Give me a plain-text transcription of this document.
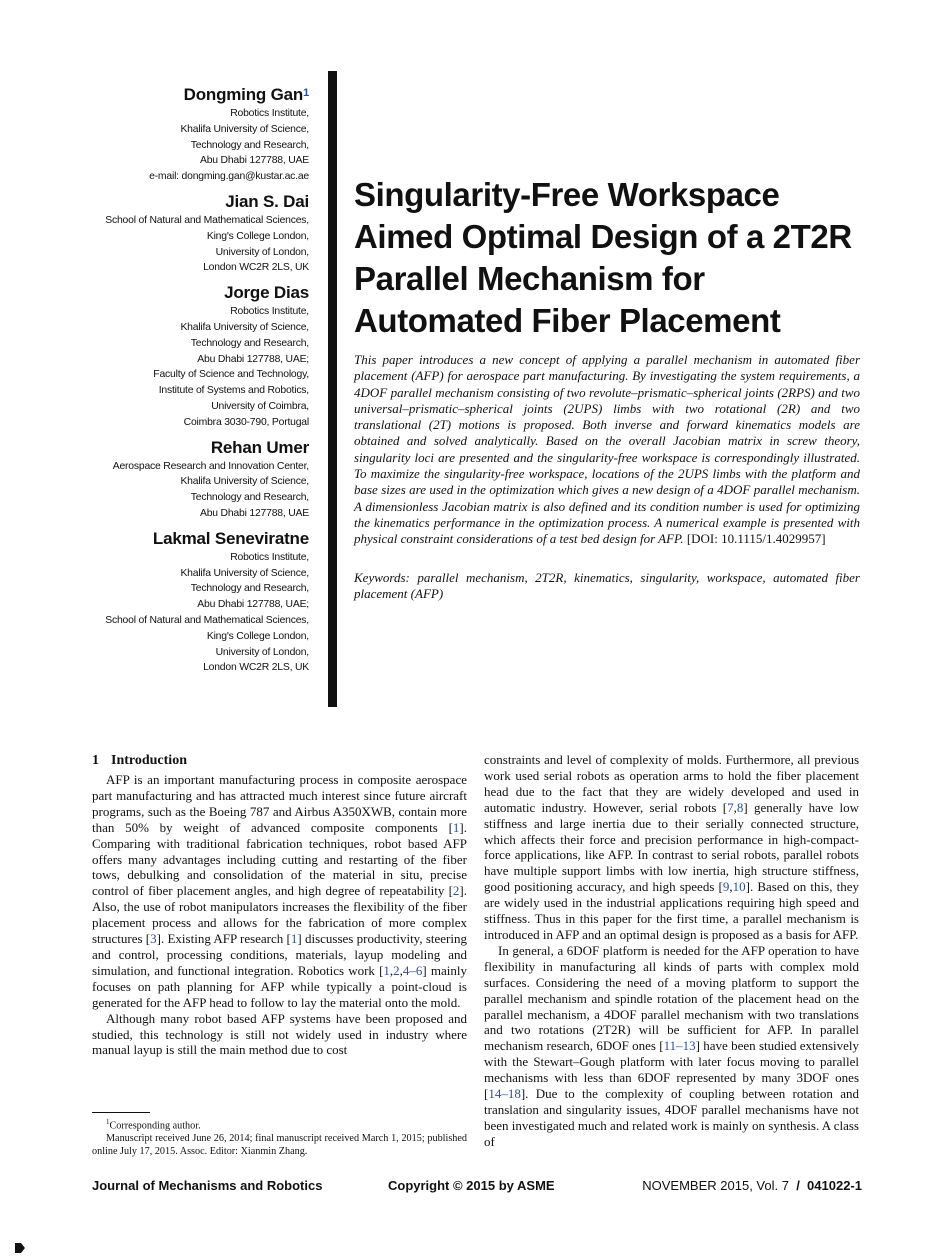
Dongming Gan$^1$
Robotics Institute,
Khalifa University of Science,
Technology and Research,
Abu Dhabi 127788, UAE
e-mail: dongming.gan@kustar.ac.ae
Jian S. Dai
School of Natural and Mathematical Sciences,
King's College London,
University of London,
London WC2R 2LS, UK
Jorge Dias
Robotics Institute,
Khalifa University of Science,
Technology and Research,
Abu Dhabi 127788, UAE;
Faculty of Science and Technology,
Institute of Systems and Robotics,
University of Coimbra,
Coimbra 3030-790, Portugal
Rehan Umer
Aerospace Research and Innovation Center,
Khalifa University of Science,
Technology and Research,
Abu Dhabi 127788, UAE
Lakmal Seneviratne
Robotics Institute,
Khalifa University of Science,
Technology and Research,
Abu Dhabi 127788, UAE;
School of Natural and Mathematical Sciences,
King's College London,
University of London,
London WC2R 2LS, UK
Singularity-Free Workspace
Aimed Optimal Design of a 2T2R
Parallel Mechanism for
Automated Fiber Placement
This paper introduces a new concept of applying a parallel mechanism in automated fiber placement (AFP) for aerospace part manufacturing. By investigating the system requirements, a 4DOF parallel mechanism consisting of two revolute–prismatic–spherical joints (2RPS) and two universal–prismatic–spherical joints (2UPS) limbs with two rotational (2R) and two translational (2T) motions is proposed. Both inverse and forward kinematics models are obtained and solved analytically. Based on the overall Jacobian matrix in screw theory, singularity loci are presented and the singularity-free workspace is correspondingly illustrated. To maximize the singularity-free workspace, locations of the 2UPS limbs with the platform and base sizes are used in the optimization which gives a new design of a 4DOF parallel mechanism. A dimensionless Jacobian matrix is also defined and its condition number is used for optimizing the kinematics performance in the optimization process. A numerical example is presented with physical constraint considerations of a test bed design for AFP. [DOI: 10.1115/1.4029957]
Keywords: parallel mechanism, 2T2R, kinematics, singularity, workspace, automated fiber placement (AFP)
1 Introduction

AFP is an important manufacturing process in composite aerospace part manufacturing and has attracted much interest since future aircraft programs, such as the Boeing 787 and Airbus A350XWB, contain more than 50% by weight of advanced composite components [1]. Comparing with traditional fabrication techniques, robot based AFP offers many advantages including cutting and restarting of the fiber tows, debulking and consolidation of the material in situ, precise control of fiber placement angles, and high degree of repeatability [2]. Also, the use of robot manipulators increases the flexibility of the fiber placement process and allows for the fabrication of more complex structures [3]. Existing AFP research [1] discusses productivity, steering and control, processing conditions, materials, layup modeling and simulation, and functional integration. Robotics work [1,2,4–6] mainly focuses on path planning for AFP while typically a point-cloud is generated for the AFP head to follow to lay the material onto the mold.

Although many robot based AFP systems have been proposed and studied, this technology is still not widely used in industry where manual layup is still the main method due to cost

constraints and level of complexity of molds. Furthermore, all previous work used serial robots as operation arms to hold the fiber placement head due to the fact that they are widely developed and used in automatic industry. However, serial robots [7,8] generally have low stiffness and large inertia due to their serially connected structure, which affects their force and precision performance in high-compact-force applications, like AFP. In contrast to serial robots, parallel robots have multiple support limbs with low inertia, high structure stiffness, good positioning accuracy, and high speeds [9,10]. Based on this, they are widely used in the industrial applications requiring high speed and stiffness. Thus in this paper for the first time, a parallel mechanism is introduced in AFP and an optimal design is proposed as a basis for AFP.

In general, a 6DOF platform is needed for the AFP operation to have flexibility in manufacturing all kinds of parts with complex mold surfaces. Considering the need of a moving platform to support the parallel mechanism and spindle rotation of the placement head on the parallel mechanism, a 4DOF parallel mechanism with two translations and two rotations (2T2R) will be sufficient for AFP. In parallel mechanism research, 6DOF ones [11–13] have been studied extensively with the Stewart–Gough platform with later focus moving to parallel mechanisms with less than 6DOF represented by many 3DOF ones [14–18]. Due to the complexity of coupling between rotation and translation and singularity issues, 4DOF parallel mechanisms have not been investigated much and related work is mainly on synthesis. A class of

$^1$Corresponding author.

Manuscript received June 26, 2014; final manuscript received March 1, 2015; published online July 17, 2015. Assoc. Editor: Xianmin Zhang.

Journal of Mechanisms and Robotics	Copyright © 2015 by ASME	NOVEMBER 2015, Vol. 7 / 041022-1
